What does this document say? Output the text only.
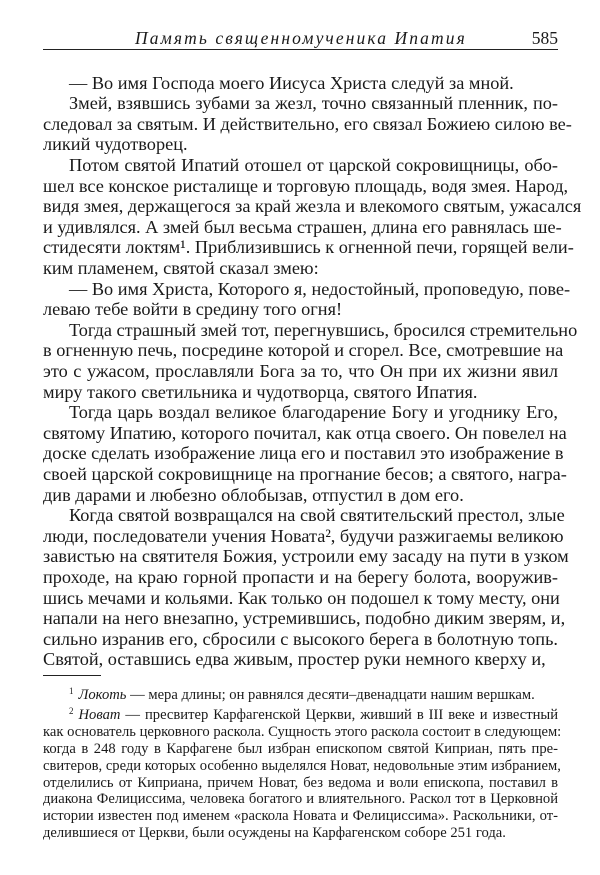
Память священномученика Ипатия	585
— Во имя Господа моего Иисуса Христа следуй за мной.
Змей, взявшись зубами за жезл, точно связанный пленник, по-
следовал за святым. И действительно, его связал Божиею силою ве-
ликий чудотворец.
Потом святой Ипатий отошел от царской сокровищницы, обо-
шел все конское ристалище и торговую площадь, водя змея. Народ,
видя змея, держащегося за край жезла и влекомого святым, ужасался
и удивлялся. А змей был весьма страшен, длина его равнялась ше-
стидесяти локтям¹. Приблизившись к огненной печи, горящей вели-
ким пламенем, святой сказал змею:
— Во имя Христа, Которого я, недостойный, проповедую, пове-
леваю тебе войти в средину того огня!
Тогда страшный змей тот, перегнувшись, бросился стремительно
в огненную печь, посредине которой и сгорел. Все, смотревшие на
это с ужасом, прославляли Бога за то, что Он при их жизни явил
миру такого светильника и чудотворца, святого Ипатия.
Тогда царь воздал великое благодарение Богу и угоднику Его,
святому Ипатию, которого почитал, как отца своего. Он повелел на
доске сделать изображение лица его и поставил это изображение в
своей царской сокровищнице на прогнание бесов; а святого, награ-
див дарами и любезно облобызав, отпустил в дом его.
Когда святой возвращался на свой святительский престол, злые
люди, последователи учения Новата², будучи разжигаемы великою
завистью на святителя Божия, устроили ему засаду на пути в узком
проходе, на краю горной пропасти и на берегу болота, вооружив-
шись мечами и кольями. Как только он подошел к тому месту, они
напали на него внезапно, устремившись, подобно диким зверям, и,
сильно изранив его, сбросили с высокого берега в болотную топь.
Святой, оставшись едва живым, простер руки немного кверху и,
$^1$ Локоть — мера длины; он равнялся десяти–двенадцати нашим вершкам.
$^2$ Новат — пресвитер Карфагенской Церкви, живший в III веке и известный
как основатель церковного раскола. Сущность этого раскола состоит в следующем:
когда в 248 году в Карфагене был избран епископом святой Киприан, пять пре-
свитеров, среди которых особенно выделялся Новат, недовольные этим избранием,
отделились от Киприана, причем Новат, без ведома и воли епископа, поставил в
диакона Фелициссима, человека богатого и влиятельного. Раскол тот в Церковной
истории известен под именем «раскола Новата и Фелициссима». Раскольники, от-
делившиеся от Церкви, были осуждены на Карфагенском соборе 251 года.
